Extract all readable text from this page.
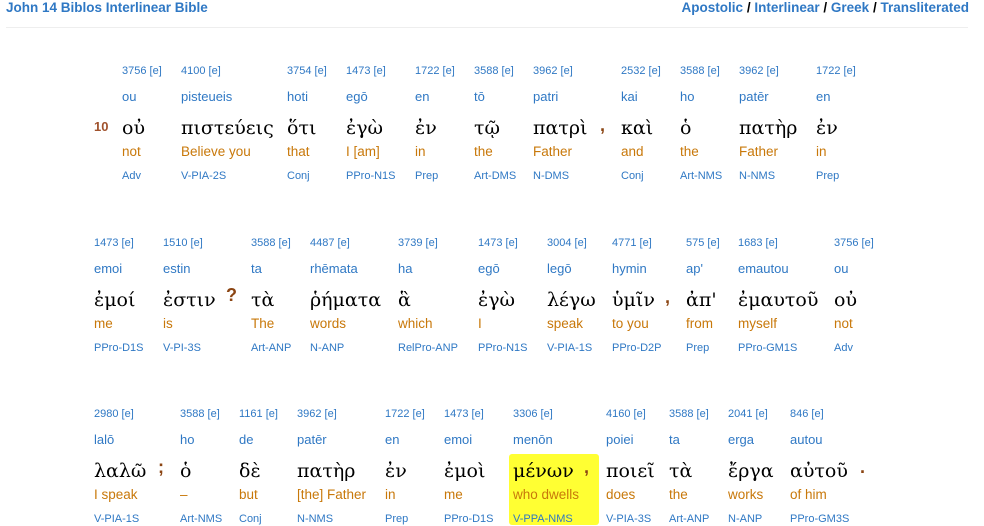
John 14 Biblos Interlinear Bible	Apostolic / Interlinear / Greek / Transliterated
10
3756 [e]
ou
οὐ
not
Adv
4100 [e]
pisteueis
πιστεύεις
Believe you
V-PIA-2S
3754 [e]
hoti
ὅτι
that
Conj
1473 [e]
egō
ἐγὼ
I [am]
PPro-N1S
1722 [e]
en
ἐν
in
Prep
3588 [e]
tō
τῷ
the
Art-DMS
3962 [e]
patri
πατρὶ
Father
N-DMS
,
2532 [e]
kai
καὶ
and
Conj
3588 [e]
ho
ὁ
the
Art-NMS
3962 [e]
patēr
πατὴρ
Father
N-NMS
1722 [e]
en
ἐν
in
Prep
1473 [e]
emoi
ἐμοί
me
PPro-D1S
1510 [e]
estin
ἐστιν
is
V-PI-3S
?
3588 [e]
ta
τὰ
The
Art-ANP
4487 [e]
rhēmata
ῥήματα
words
N-ANP
3739 [e]
ha
ἃ
which
RelPro-ANP
1473 [e]
egō
ἐγὼ
I
PPro-N1S
3004 [e]
legō
λέγω
speak
V-PIA-1S
4771 [e]
hymin
ὑμῖν
to you
PPro-D2P
,
575 [e]
ap'
ἀπ'
from
Prep
1683 [e]
emautou
ἐμαυτοῦ
myself
PPro-GM1S
3756 [e]
ou
οὐ
not
Adv
2980 [e]
lalō
λαλῶ
I speak
V-PIA-1S
;
3588 [e]
ho
ὁ
–
Art-NMS
1161 [e]
de
δὲ
but
Conj
3962 [e]
patēr
πατὴρ
[the] Father
N-NMS
1722 [e]
en
ἐν
in
Prep
1473 [e]
emoi
ἐμοὶ
me
PPro-D1S
3306 [e]
menōn
μένων
who dwells
V-PPA-NMS
,
4160 [e]
poiei
ποιεῖ
does
V-PIA-3S
3588 [e]
ta
τὰ
the
Art-ANP
2041 [e]
erga
ἔργα
works
N-ANP
846 [e]
autou
αὐτοῦ
of him
PPro-GM3S
.
